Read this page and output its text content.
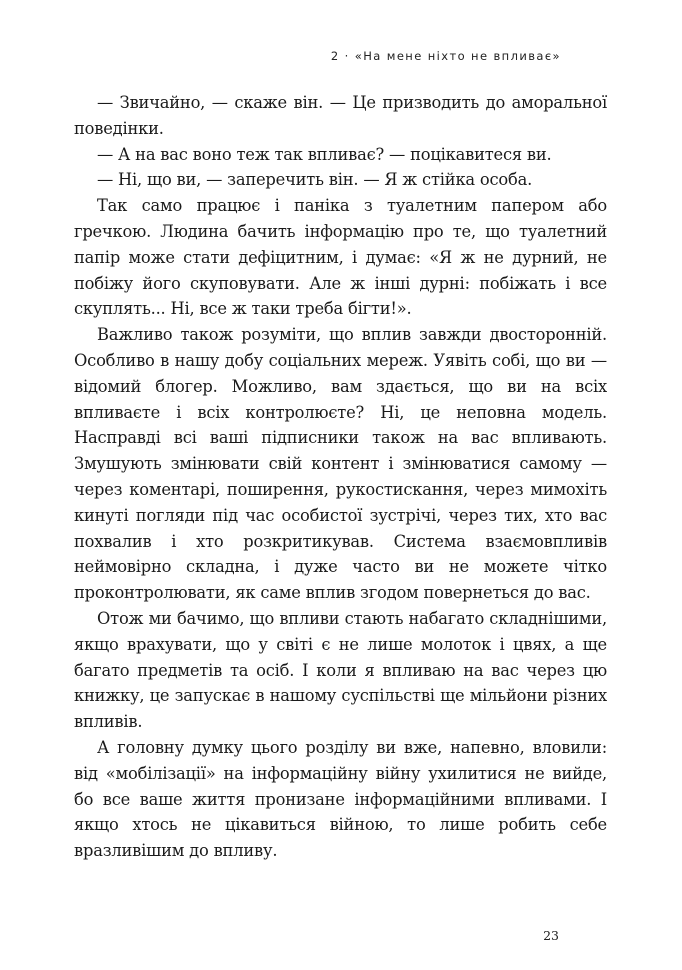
2 · «На мене ніхто не впливає»

— Звичайно, — скаже він. — Це призводить до аморальної поведінки.

— А на вас воно теж так впливає? — поцікавитеся ви.

— Ні, що ви, — заперечить він. — Я ж стійка особа.

Так само працює і паніка з туалетним папером або гречкою. Людина бачить інформацію про те, що туалетний папір може стати дефіцитним, і думає: «Я ж не дурний, не побіжу його скуповувати. Але ж інші дурні: побіжать і все скуплять... Ні, все ж таки треба бігти!».

Важливо також розуміти, що вплив завжди двосторонній. Особливо в нашу добу соціальних мереж. Уявіть собі, що ви — відомий блогер. Можливо, вам здається, що ви на всіх впливаєте і всіх контролюєте? Ні, це неповна модель. Насправді всі ваші підписники також на вас впливають. Змушують змінювати свій контент і змінюватися самому — через коментарі, поширення, рукостискання, через мимохіть кинуті погляди під час особистої зустрічі, через тих, хто вас похвалив і хто розкритикував. Система взаємовпливів неймовірно складна, і дуже часто ви не можете чітко проконтролювати, як саме вплив згодом повернеться до вас.

Отож ми бачимо, що впливи стають набагато складнішими, якщо врахувати, що у світі є не лише молоток і цвях, а ще багато предметів та осіб. І коли я впливаю на вас через цю книжку, це запускає в нашому суспільстві ще мільйони різних впливів.

А головну думку цього розділу ви вже, напевно, вловили: від «мобілізації» на інформаційну війну ухилитися не вийде, бо все ваше життя пронизане інформаційними впливами. І якщо хтось не цікавиться війною, то лише робить себе вразливішим до впливу.

23
